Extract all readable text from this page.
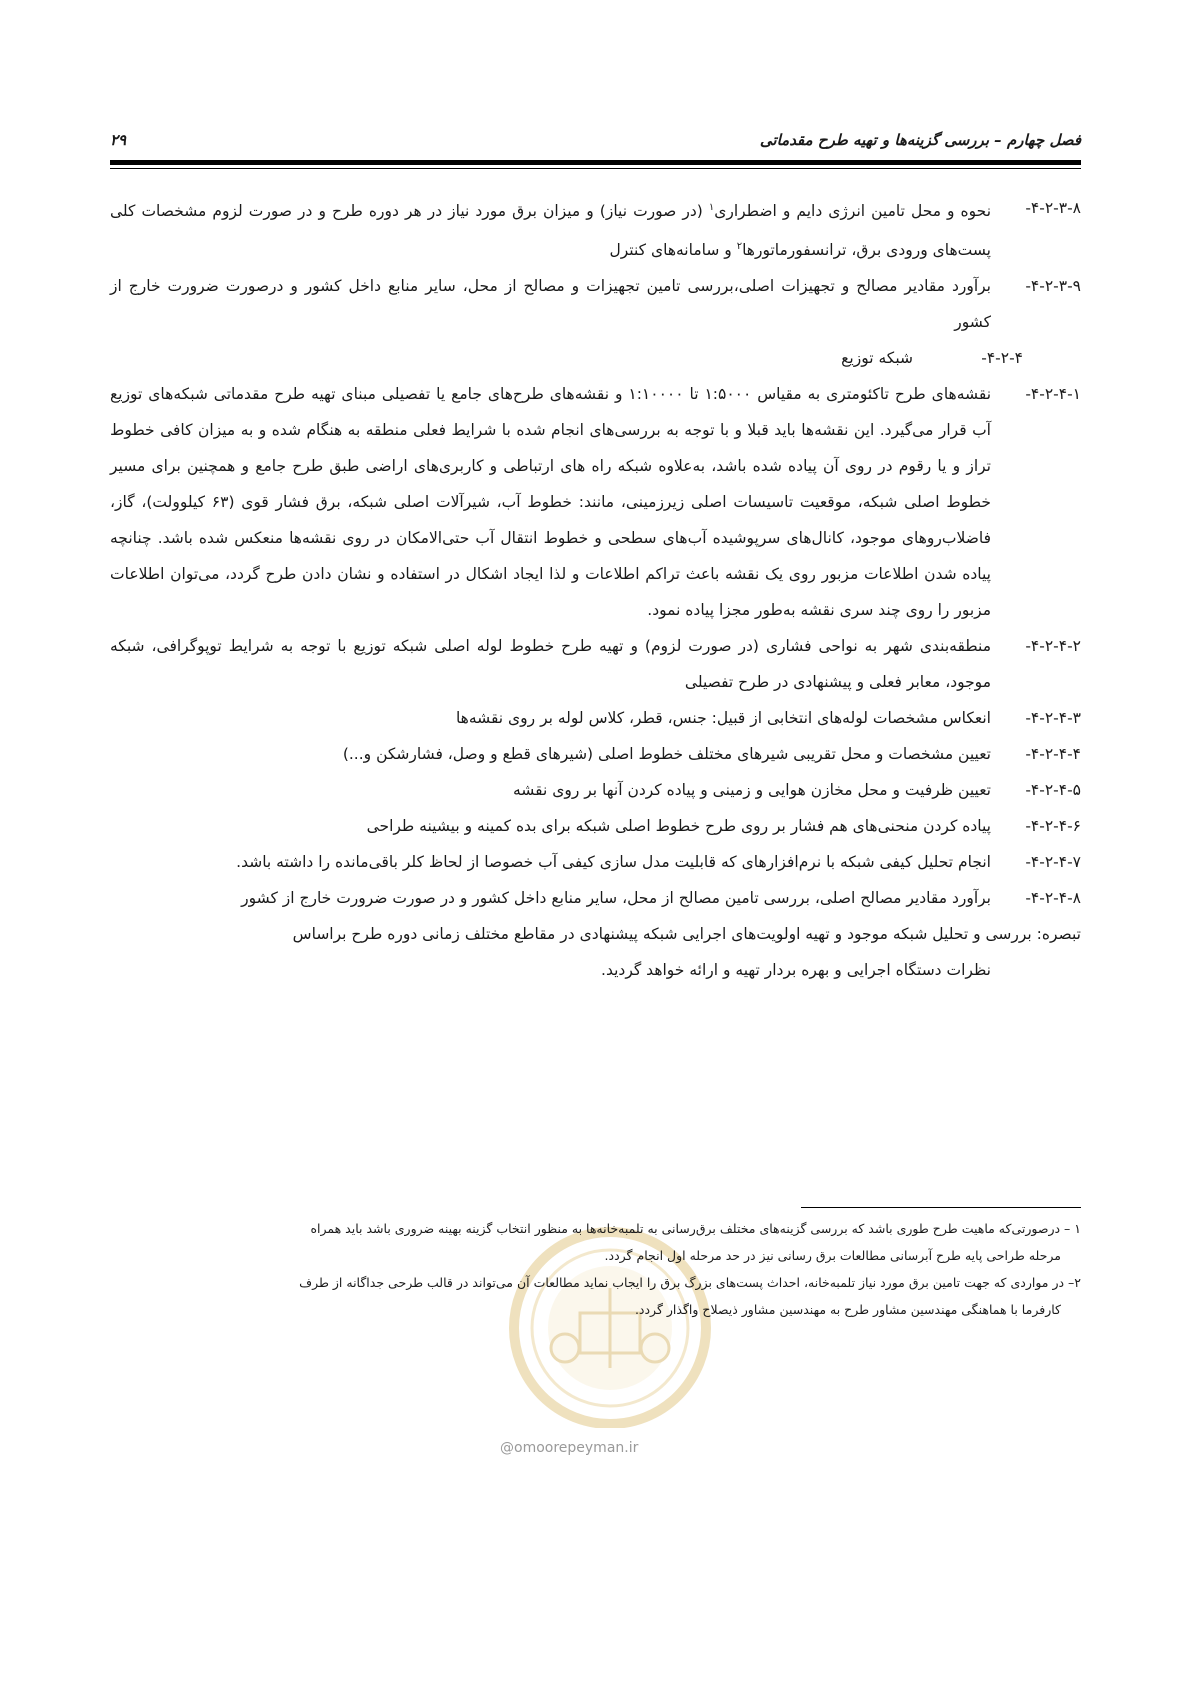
۲۹	فصل چهارم – بررسی گزینه‌ها و تهیه طرح مقدماتی
-۴-۲-۳-۸
نحوه و محل تامین انرژی دایم و اضطراری$^۱$ (در صورت نیاز) و میزان برق مورد نیاز در هر دوره طرح و در صورت لزوم مشخصات کلی پست‌های ورودی برق، ترانسفورماتورها$^۲$ و سامانه‌های کنترل
-۴-۲-۳-۹
برآورد مقادیر مصالح و تجهیزات اصلی،بررسی تامین تجهیزات و مصالح از محل، سایر منابع داخل کشور و درصورت ضرورت خارج از کشور
-۴-۲-۴
شبکه توزیع
-۴-۲-۴-۱
نقشه‌های طرح تاکئومتری به مقیاس ۱:۵۰۰۰ تا ۱:۱۰۰۰۰ و نقشه‌های طرح‌های جامع یا تفصیلی مبنای تهیه طرح مقدماتی شبکه‌های توزیع آب قرار می‌گیرد. این نقشه‌ها باید قبلا و با توجه به بررسی‌های انجام شده با شرایط فعلی منطقه به هنگام شده و به میزان کافی خطوط تراز و یا رقوم در روی آن پیاده شده باشد، به‌علاوه شبکه راه های ارتباطی و کاربری‌های اراضی طبق طرح جامع و همچنین برای مسیر خطوط اصلی شبکه، موقعیت تاسیسات اصلی زیرزمینی، مانند: خطوط آب، شیرآلات اصلی شبکه، برق فشار قوی (۶۳ کیلوولت)، گاز، فاضلاب‌روهای موجود، کانال‌های سرپوشیده آب‌های سطحی و خطوط انتقال آب حتی‌الامکان در روی نقشه‌ها منعکس شده باشد. چنانچه پیاده شدن اطلاعات مزبور روی یک نقشه باعث تراکم اطلاعات و لذا ایجاد اشکال در استفاده و نشان دادن طرح گردد، می‌توان اطلاعات مزبور را روی چند سری نقشه به‌طور مجزا پیاده نمود.
-۴-۲-۴-۲
منطقه‌بندی شهر به نواحی فشاری (در صورت لزوم) و تهیه طرح خطوط لوله اصلی شبکه توزیع با توجه به شرایط توپوگرافی، شبکه موجود، معابر فعلی و پیشنهادی در طرح تفصیلی
-۴-۲-۴-۳
انعکاس مشخصات لوله‌های انتخابی از قبیل: جنس، قطر، کلاس لوله بر روی نقشه‌ها
-۴-۲-۴-۴
تعیین مشخصات و محل تقریبی شیرهای مختلف خطوط اصلی (شیرهای قطع و وصل، فشارشکن و...)
-۴-۲-۴-۵
تعیین ظرفیت و محل مخازن هوایی و زمینی و پیاده کردن آنها بر روی نقشه
-۴-۲-۴-۶
پیاده کردن منحنی‌های هم فشار بر روی طرح خطوط اصلی شبکه برای بده کمینه و بیشینه طراحی
-۴-۲-۴-۷
انجام تحلیل کیفی شبکه با نرم‌افزارهای که قابلیت مدل سازی کیفی آب خصوصا از لحاظ کلر باقی‌مانده را داشته باشد.
-۴-۲-۴-۸
برآورد مقادیر مصالح اصلی، بررسی تامین مصالح از محل، سایر منابع داخل کشور و در صورت ضرورت خارج از کشور
تبصره: بررسی و تحلیل شبکه موجود و تهیه اولویت‌های اجرایی شبکه پیشنهادی در مقاطع مختلف زمانی دوره طرح براساس
نظرات دستگاه اجرایی و بهره بردار تهیه و ارائه خواهد گردید.
@omoorepeyman.ir
۱ – درصورتی‌که ماهیت طرح طوری باشد که بررسی گزینه‌های مختلف برق‌رسانی به تلمبه‌خانه‌ها به منظور انتخاب گزینه بهینه ضروری باشد باید همراه
مرحله طراحی پایه طرح آبرسانی مطالعات برق رسانی نیز در حد مرحله اول انجام گردد.
۲– در مواردی که جهت تامین برق مورد نیاز تلمبه‌خانه، احداث پست‌های بزرگ برق را ایجاب نماید مطالعات آن می‌تواند در قالب طرحی جداگانه از طرف
کارفرما با هماهنگی مهندسین مشاور طرح به مهندسین مشاور ذیصلاح واگذار گردد.
